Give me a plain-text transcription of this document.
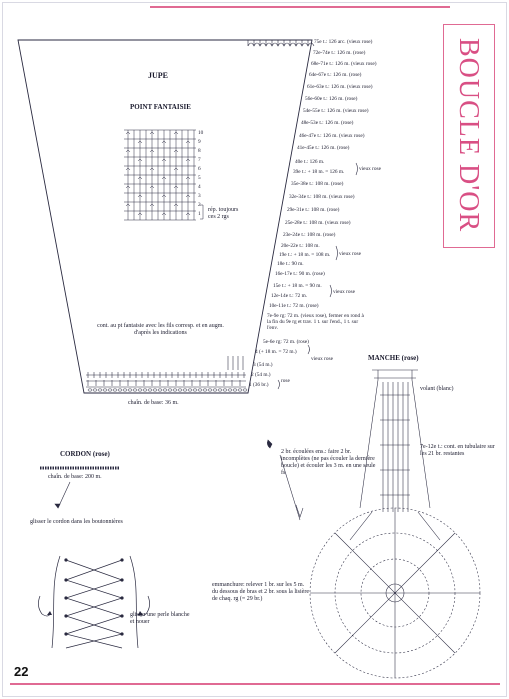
BOUCLE D'OR
JUPE
POINT FANTAISIE
rép. toujours ces 2 rgs
cont. au pt fantaisie avec les fils corresp. et en augm. d'après les indications
chaîn. de base: 36 m.
10
9
8
7
6
5
4
3
2
1
75e t.: 126 arc. (vieux rose)
72e-74e t.: 126 m. (rose)
68e-71e t.: 126 m. (vieux rose)
64e-67e t.: 126 m. (rose)
61e-63e t.: 126 m. (vieux rose)
56e-60e t.: 126 m. (rose)
54e-55e t.: 126 m. (vieux rose)
48e-53e t.: 126 m. (rose)
46e-47e t.: 126 m. (vieux rose)
41e-45e t.: 126 m. (rose)
40e t.: 126 m.
39e t.: + 18 m. = 126 m.
35e-38e t.: 108 m. (rose)
32e-34e t.: 108 m. (vieux rose)
29e-31e t.: 108 m. (rose)
25e-28e t.: 108 m. (vieux rose)
23e-24e t.: 108 m. (rose)
20e-22e t.: 108 m.
19e t.: + 18 m. = 108 m.
18e t.: 90 m.
16e-17e t.: 90 m. (rose)
15e t.: + 18 m. = 90 m.
12e-14e t.: 72 m.
10e-11e t.: 72 m. (rose)
7e-9e rg: 72 m. (vieux rose), fermer en rond à la fin du 9e rg et trav. 1 t. sur l'end., 1 t. sur l'env.
5e-6e rg: 72 m. (rose)
4 (+ 18 m. = 72 m.)
3 (54 m.)
2 (54 m.)
1 (36 br.)
vieux rose
vieux rose
vieux rose
vieux rose
rose
CORDON (rose)
chaîn. de base: 200 m.
glisser le cordon dans les boutonnières
glisser une perle blanche et nouer
MANCHE (rose)
volant (blanc)
7e-12e t.: cont. en tubulaire sur les 21 br. restantes
2 br. écoulées ens.: faire 2 br. incomplètes (ne pas écouler la dernière boucle) et écouler les 3 m. en une seule fs
emmanchure: relever 1 br. sur les 5 m. du dessous de bras et 2 br. sous la lisière de chaq. rg (= 29 br.)
22
